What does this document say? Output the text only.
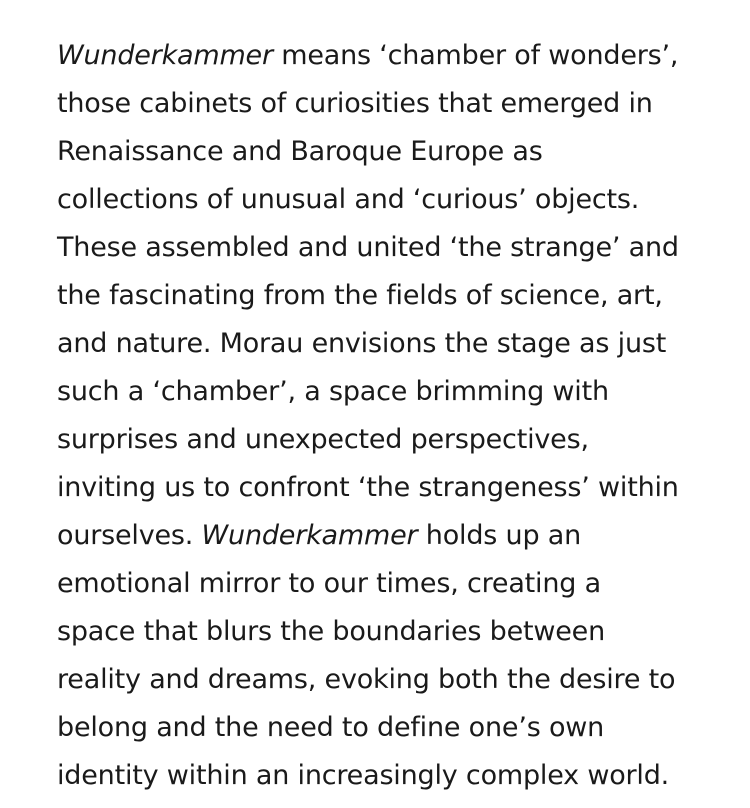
Wunderkammer means ‘chamber of wonders’,
those cabinets of curiosities that emerged in
Renaissance and Baroque Europe as
collections of unusual and ‘curious’ objects.
These assembled and united ‘the strange’ and
the fascinating from the fields of science, art,
and nature. Morau envisions the stage as just
such a ‘chamber’, a space brimming with
surprises and unexpected perspectives,
inviting us to confront ‘the strangeness’ within
ourselves. Wunderkammer holds up an
emotional mirror to our times, creating a
space that blurs the boundaries between
reality and dreams, evoking both the desire to
belong and the need to define one’s own
identity within an increasingly complex world.
